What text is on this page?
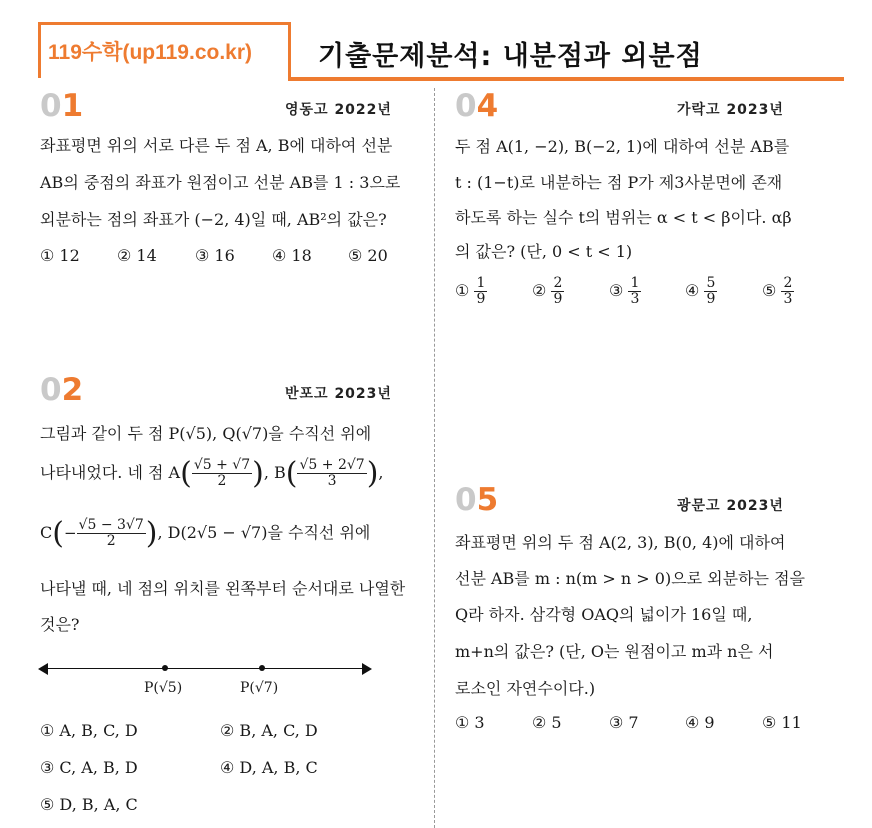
119수학(up119.co.kr) 기출문제분석: 내분점과 외분점
01	영동고 2022년
좌표평면 위의 서로 다른 두 점 A, B에 대하여 선분
AB의 중점의 좌표가 원점이고 선분 AB를 1 : 3으로
외분하는 점의 좌표가 (−2, 4)일 때, AB²의 값은?
① 12 ② 14 ③ 16 ④ 18 ⑤ 20
02	반포고 2023년
그림과 같이 두 점 P(√5), Q(√7)을 수직선 위에
나타내었다. 네 점 $A( \frac{√5 + √7}{2}$ ), $B( \frac{√5 + 2√7}{3}$ ),
$C(- \frac{√5 - 3√7}{2}$ ), D(2√5 − √7)을 수직선 위에
나타낼 때, 네 점의 위치를 왼쪽부터 순서대로 나열한
것은?
P(√5)	P(√7)
① A, B, C, D	② B, A, C, D
③ C, A, B, D	④ D, A, B, C
⑤ D, B, A, C
04	가락고 2023년
두 점 A(1, −2), B(−2, 1)에 대하여 선분 AB를
t : (1−t)로 내분하는 점 P가 제3사분면에 존재
하도록 하는 실수 t의 범위는 α < t < β이다. αβ
의 값은? (단, 0 < t < 1)
① $\frac{1}{9}$	② $\frac{2}{9}$	③ $\frac{1}{3}$	④ $\frac{5}{9}$	⑤ $\frac{2}{3}$
05	광문고 2023년
좌표평면 위의 두 점 A(2, 3), B(0, 4)에 대하여
선분 AB를 m : n(m > n > 0)으로 외분하는 점을
Q라 하자. 삼각형 OAQ의 넓이가 16일 때,
m+n의 값은? (단, O는 원점이고 m과 n은 서
로소인 자연수이다.)
① 3	② 5	③ 7	④ 9	⑤ 11
